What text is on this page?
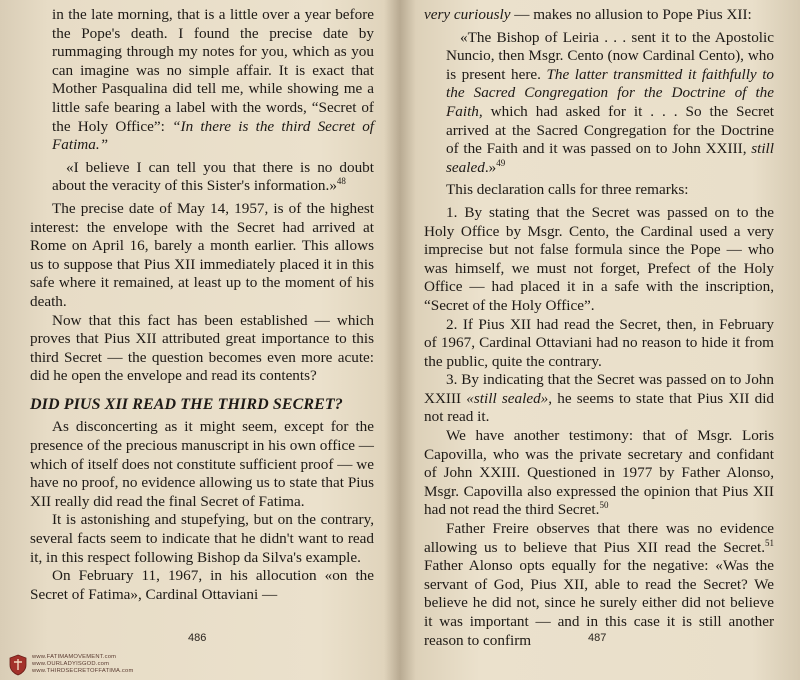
in the late morning, that is a little over a year before the Pope's death. I found the precise date by rummaging through my notes for you, which as you can imagine was no simple affair. It is exact that Mother Pasqualina did tell me, while showing me a little safe bearing a label with the words, “Secret of the Holy Office”: “In there is the third Secret of Fatima.”

«I believe I can tell you that there is no doubt about the veracity of this Sister's information.»$^{48}$

The precise date of May 14, 1957, is of the highest interest: the envelope with the Secret had arrived at Rome on April 16, barely a month earlier. This allows us to suppose that Pius XII immediately placed it in this safe where it remained, at least up to the moment of his death.

Now that this fact has been established — which proves that Pius XII attributed great importance to this third Secret — the question becomes even more acute: did he open the envelope and read its contents?

DID PIUS XII READ THE THIRD SECRET?

As disconcerting as it might seem, except for the presence of the precious manuscript in his own office — which of itself does not constitute sufficient proof — we have no proof, no evidence allowing us to state that Pius XII really did read the final Secret of Fatima.

It is astonishing and stupefying, but on the contrary, several facts seem to indicate that he didn't want to read it, in this respect following Bishop da Silva's example.

On February 11, 1967, in his allocution «on the Secret of Fatima», Cardinal Ottaviani —

486
www.FATIMAMOVEMENT.com
www.OURLADYISGOD.com
www.THIRDSECRETOFFATIMA.com

very curiously — makes no allusion to Pope Pius XII:

«The Bishop of Leiria . . . sent it to the Apostolic Nuncio, then Msgr. Cento (now Cardinal Cento), who is present here. The latter transmitted it faithfully to the Sacred Congregation for the Doctrine of the Faith, which had asked for it . . . So the Secret arrived at the Sacred Congregation for the Doctrine of the Faith and it was passed on to John XXIII, still sealed.»$^{49}$

This declaration calls for three remarks:

1. By stating that the Secret was passed on to the Holy Office by Msgr. Cento, the Cardinal used a very imprecise but not false formula since the Pope — who was himself, we must not forget, Prefect of the Holy Office — had placed it in a safe with the inscription, “Secret of the Holy Office”.

2. If Pius XII had read the Secret, then, in February of 1967, Cardinal Ottaviani had no reason to hide it from the public, quite the contrary.

3. By indicating that the Secret was passed on to John XXIII «still sealed», he seems to state that Pius XII did not read it.

We have another testimony: that of Msgr. Loris Capovilla, who was the private secretary and confidant of John XXIII. Questioned in 1977 by Father Alonso, Msgr. Capovilla also expressed the opinion that Pius XII had not read the third Secret.$^{50}$

Father Freire observes that there was no evidence allowing us to believe that Pius XII read the Secret.$^{51}$ Father Alonso opts equally for the negative: «Was the servant of God, Pius XII, able to read the Secret? We believe he did not, since he surely either did not believe it was important — and in this case it is still another reason to confirm	487
